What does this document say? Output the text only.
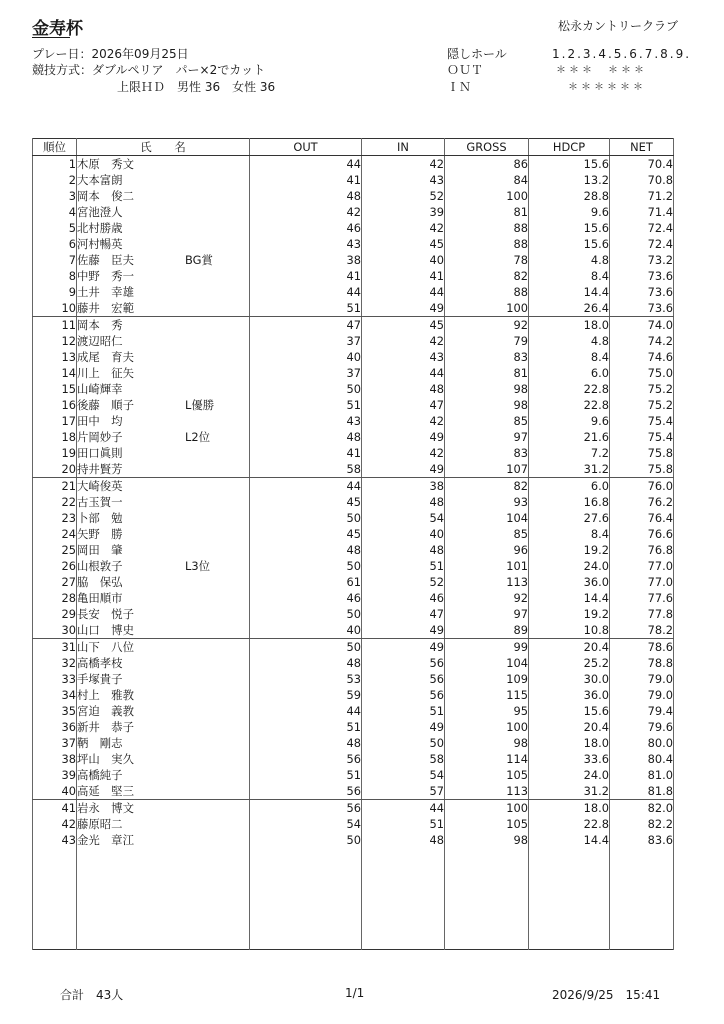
金寿杯	松永カントリークラブ
プレー日：2026年09月25日
競技方式：ダブルペリア　パー×2でカット
上限ＨＤ　男性 36　女性 36
隠しホール	1.2.3.4.5.6.7.8.9.
ＯＵＴ	＊＊＊　＊＊＊
ＩＮ	＊＊＊＊＊＊
順位	氏　　名	OUT	IN	GROSS	HDCP	NET
1	木原　秀文	44	42	86	15.6	70.4
2	大本富朗	41	43	84	13.2	70.8
3	岡本　俊二	48	52	100	28.8	71.2
4	宮池澄人	42	39	81	9.6	71.4
5	北村勝歳	46	42	88	15.6	72.4
6	河村暢英	43	45	88	15.6	72.4
7	佐藤　臣夫 BG賞	38	40	78	4.8	73.2
8	中野　秀一	41	41	82	8.4	73.6
9	土井　幸雄	44	44	88	14.4	73.6
10	藤井　宏範	51	49	100	26.4	73.6
11	岡本　秀	47	45	92	18.0	74.0
12	渡辺昭仁	37	42	79	4.8	74.2
13	成尾　育夫	40	43	83	8.4	74.6
14	川上　征矢	37	44	81	6.0	75.0
15	山崎輝幸	50	48	98	22.8	75.2
16	後藤　順子 L優勝	51	47	98	22.8	75.2
17	田中　均	43	42	85	9.6	75.4
18	片岡妙子 L2位	48	49	97	21.6	75.4
19	田口眞則	41	42	83	7.2	75.8
20	持井賢芳	58	49	107	31.2	75.8
21	大崎俊英	44	38	82	6.0	76.0
22	古玉賀一	45	48	93	16.8	76.2
23	卜部　勉	50	54	104	27.6	76.4
24	矢野　勝	45	40	85	8.4	76.6
25	岡田　肇	48	48	96	19.2	76.8
26	山根敦子 L3位	50	51	101	24.0	77.0
27	脇　保弘	61	52	113	36.0	77.0
28	亀田順市	46	46	92	14.4	77.6
29	長安　悦子	50	47	97	19.2	77.8
30	山口　博史	40	49	89	10.8	78.2
31	山下　八位	50	49	99	20.4	78.6
32	高橋孝枝	48	56	104	25.2	78.8
33	手塚貴子	53	56	109	30.0	79.0
34	村上　雅教	59	56	115	36.0	79.0
35	宮迫　義教	44	51	95	15.6	79.4
36	新井　恭子	51	49	100	20.4	79.6
37	鞆　剛志	48	50	98	18.0	80.0
38	坪山　実久	56	58	114	33.6	80.4
39	高橋純子	51	54	105	24.0	81.0
40	高延　堅三	56	57	113	31.2	81.8
41	岩永　博文	56	44	100	18.0	82.0
42	藤原昭二	54	51	105	22.8	82.2
43	金光　章江	50	48	98	14.4	83.6

合計　43人	1/1	2026/9/25　15:41
